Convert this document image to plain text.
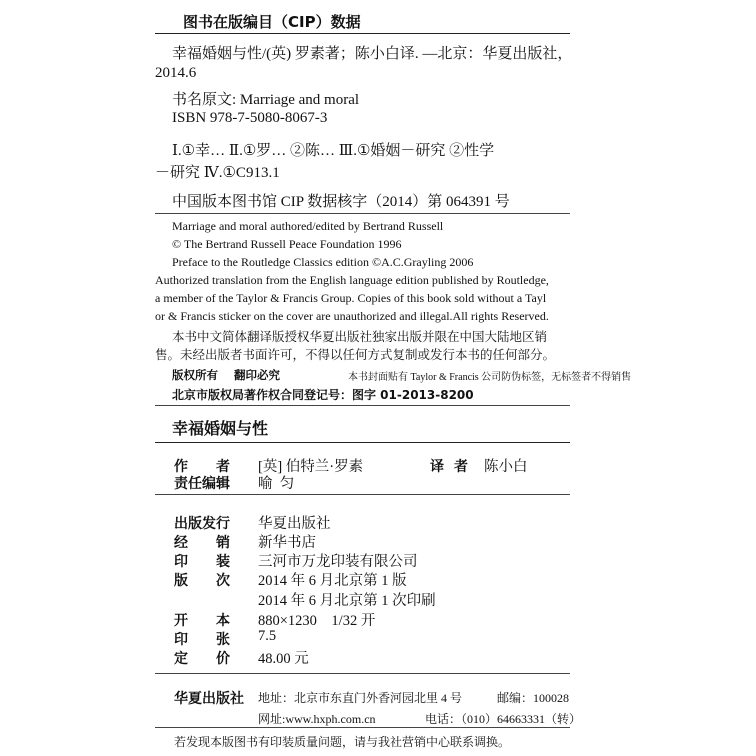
图书在版编目（CIP）数据
幸福婚姻与性/(英) 罗素著；陈小白译. —北京：华夏出版社，
2014.6
书名原文: Marriage and moral
ISBN 978-7-5080-8067-3
Ⅰ.①幸… Ⅱ.①罗… ②陈… Ⅲ.①婚姻－研究 ②性学
－研究 Ⅳ.①C913.1
中国版本图书馆 CIP 数据核字（2014）第 064391 号
Marriage and moral authored/edited by Bertrand Russell
© The Bertrand Russell Peace Foundation 1996
Preface to the Routledge Classics edition ©A.C.Grayling 2006
Authorized translation from the English language edition published by Routledge,
a member of the Taylor & Francis Group. Copies of this book sold without a Tayl
or & Francis sticker on the cover are unauthorized and illegal.All rights Reserved.
本书中文简体翻译版授权华夏出版社独家出版并限在中国大陆地区销
售。未经出版者书面许可，不得以任何方式复制或发行本书的任何部分。
版权所有    翻印必究	本书封面贴有 Taylor & Francis 公司防伪标签，无标签者不得销售
北京市版权局著作权合同登记号：图字 01-2013-8200
幸福婚姻与性
作 者 [英] 伯特兰·罗素	译 者 陈小白
责任编辑 喻  匀
出版发行 华夏出版社
经 销 新华书店
印 装 三河市万龙印装有限公司
版 次 2014 年 6 月北京第 1 版
2014 年 6 月北京第 1 次印刷
开 本 880×1230    1/32 开
印 张 7.5
定 价 48.00 元
华夏出版社 地址：北京市东直门外香河园北里 4 号	邮编：100028
网址:www.hxph.com.cn	电话：（010）64663331（转）
若发现本版图书有印装质量问题，请与我社营销中心联系调换。
